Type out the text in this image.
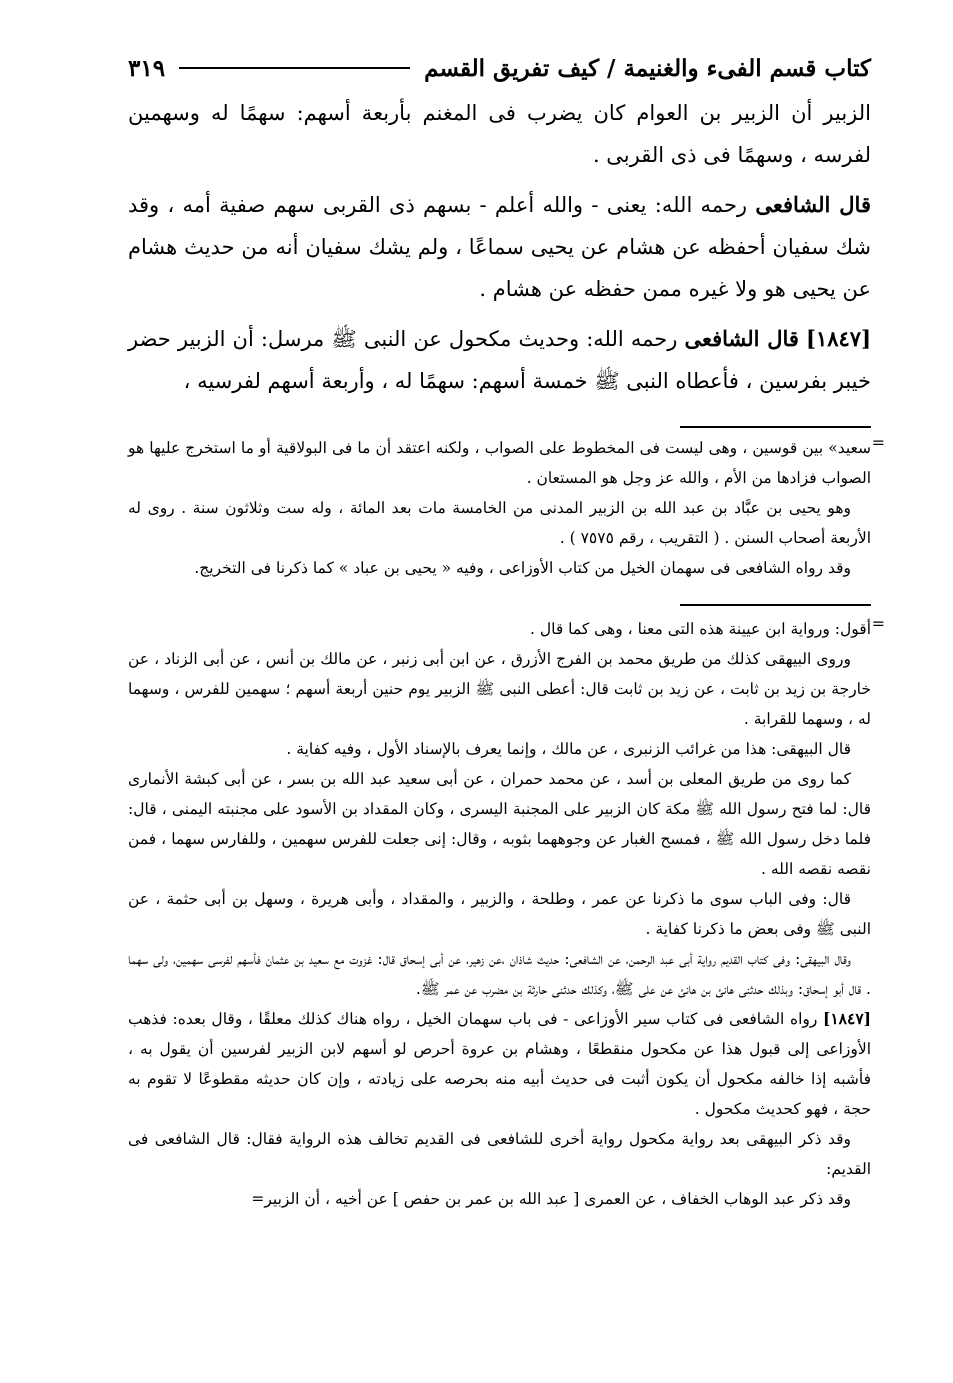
كتاب قسم الفىء والغنيمة / كيف تفريق القسم
٣١٩

الزبير أن الزبير بن العوام كان يضرب فى المغنم بأربعة أسهم: سهمًا له وسهمين لفرسه ، وسهمًا فى ذى القربى .

قال الشافعى رحمه الله: يعنى - والله أعلم - بسهم ذى القربى سهم صفية أمه ، وقد شك سفيان أحفظه عن هشام عن يحيى سماعًا ، ولم يشك سفيان أنه من حديث هشام عن يحيى هو ولا غيره ممن حفظه عن هشام .

[١٨٤٧] قال الشافعى رحمه الله: وحديث مكحول عن النبى ﷺ مرسل: أن الزبير حضر خيبر بفرسين ، فأعطاه النبى ﷺ خمسة أسهم: سهمًا له ، وأربعة أسهم لفرسيه ،

=

سعيد» بين قوسين ، وهى ليست فى المخطوط على الصواب ، ولكنه اعتقد أن ما فى البولاقية أو ما استخرج عليها هو الصواب فزادها من الأم ، والله عز وجل هو المستعان .

وهو يحيى بن عبَّاد بن عبد الله بن الزبير المدنى من الخامسة مات بعد المائة ، وله ست وثلاثون سنة . روى له الأربعة أصحاب السنن . ( التقريب ، رقم ٧٥٧٥ ) .

وقد رواه الشافعى فى سهمان الخيل من كتاب الأوزاعى ، وفيه « يحيى بن عباد » كما ذكرنا فى التخريج.

=

أقول: ورواية ابن عيينة هذه التى معنا ، وهى كما قال .

وروى البيهقى كذلك من طريق محمد بن الفرج الأزرق ، عن ابن أبى زنبر ، عن مالك بن أنس ، عن أبى الزناد ، عن خارجة بن زيد بن ثابت ، عن زيد بن ثابت قال: أعطى النبى ﷺ الزبير يوم حنين أربعة أسهم ؛ سهمين للفرس ، وسهما له ، وسهما للقرابة .

قال البيهقى: هذا من غرائب الزنبرى ، عن مالك ، وإنما يعرف بالإسناد الأول ، وفيه كفاية .

كما روى من طريق المعلى بن أسد ، عن محمد حمران ، عن أبى سعيد عبد الله بن بسر ، عن أبى كبشة الأنمارى قال: لما فتح رسول الله ﷺ مكة كان الزبير على المجنبة اليسرى ، وكان المقداد بن الأسود على مجنبته اليمنى ، قال: فلما دخل رسول الله ﷺ ، فمسح الغبار عن وجوههما بثوبه ، وقال: إنى جعلت للفرس سهمين ، وللفارس سهما ، فمن نقصه نقصه الله .

قال: وفى الباب سوى ما ذكرنا عن عمر ، وطلحة ، والزبير ، والمقداد ، وأبى هريرة ، وسهل بن أبى حثمة ، عن النبى ﷺ وفى بعض ما ذكرنا كفاية .

وقال البيهقى: وفى كتاب القديم رواية أبى عبد الرحمن، عن الشافعى: حديث شاذان ،عن زهير، عن أبى إسحاق قال: غزوت مع سعيد بن عثمان فأسهم لفرسى سهمين، ولى سهما . قال أبو إسحاق: وبذلك حدثنى هانئ بن هانئ عن على ﷺ، وكذلك حدثنى حارثة بن مضرب عن عمر ﷺ.

[١٨٤٧] رواه الشافعى فى كتاب سير الأوزاعى - فى باب سهمان الخيل ، رواه هناك كذلك معلقًا ، وقال بعده: فذهب الأوزاعى إلى قبول هذا عن مكحول منقطعًا ، وهشام بن عروة أحرص لو أسهم لابن الزبير لفرسين أن يقول به ، فأشبه إذا خالفه مكحول أن يكون أثبت فى حديث أبيه منه بحرصه على زيادته ، وإن كان حديثه مقطوعًا لا تقوم به حجة ، فهو كحديث مكحول .

وقد ذكر البيهقى بعد رواية مكحول رواية أخرى للشافعى فى القديم تخالف هذه الرواية فقال: قال الشافعى فى القديم:

وقد ذكر عبد الوهاب الخفاف ، عن العمرى [ عبد الله بن عمر بن حفص ] عن أخيه ، أن الزبير=
